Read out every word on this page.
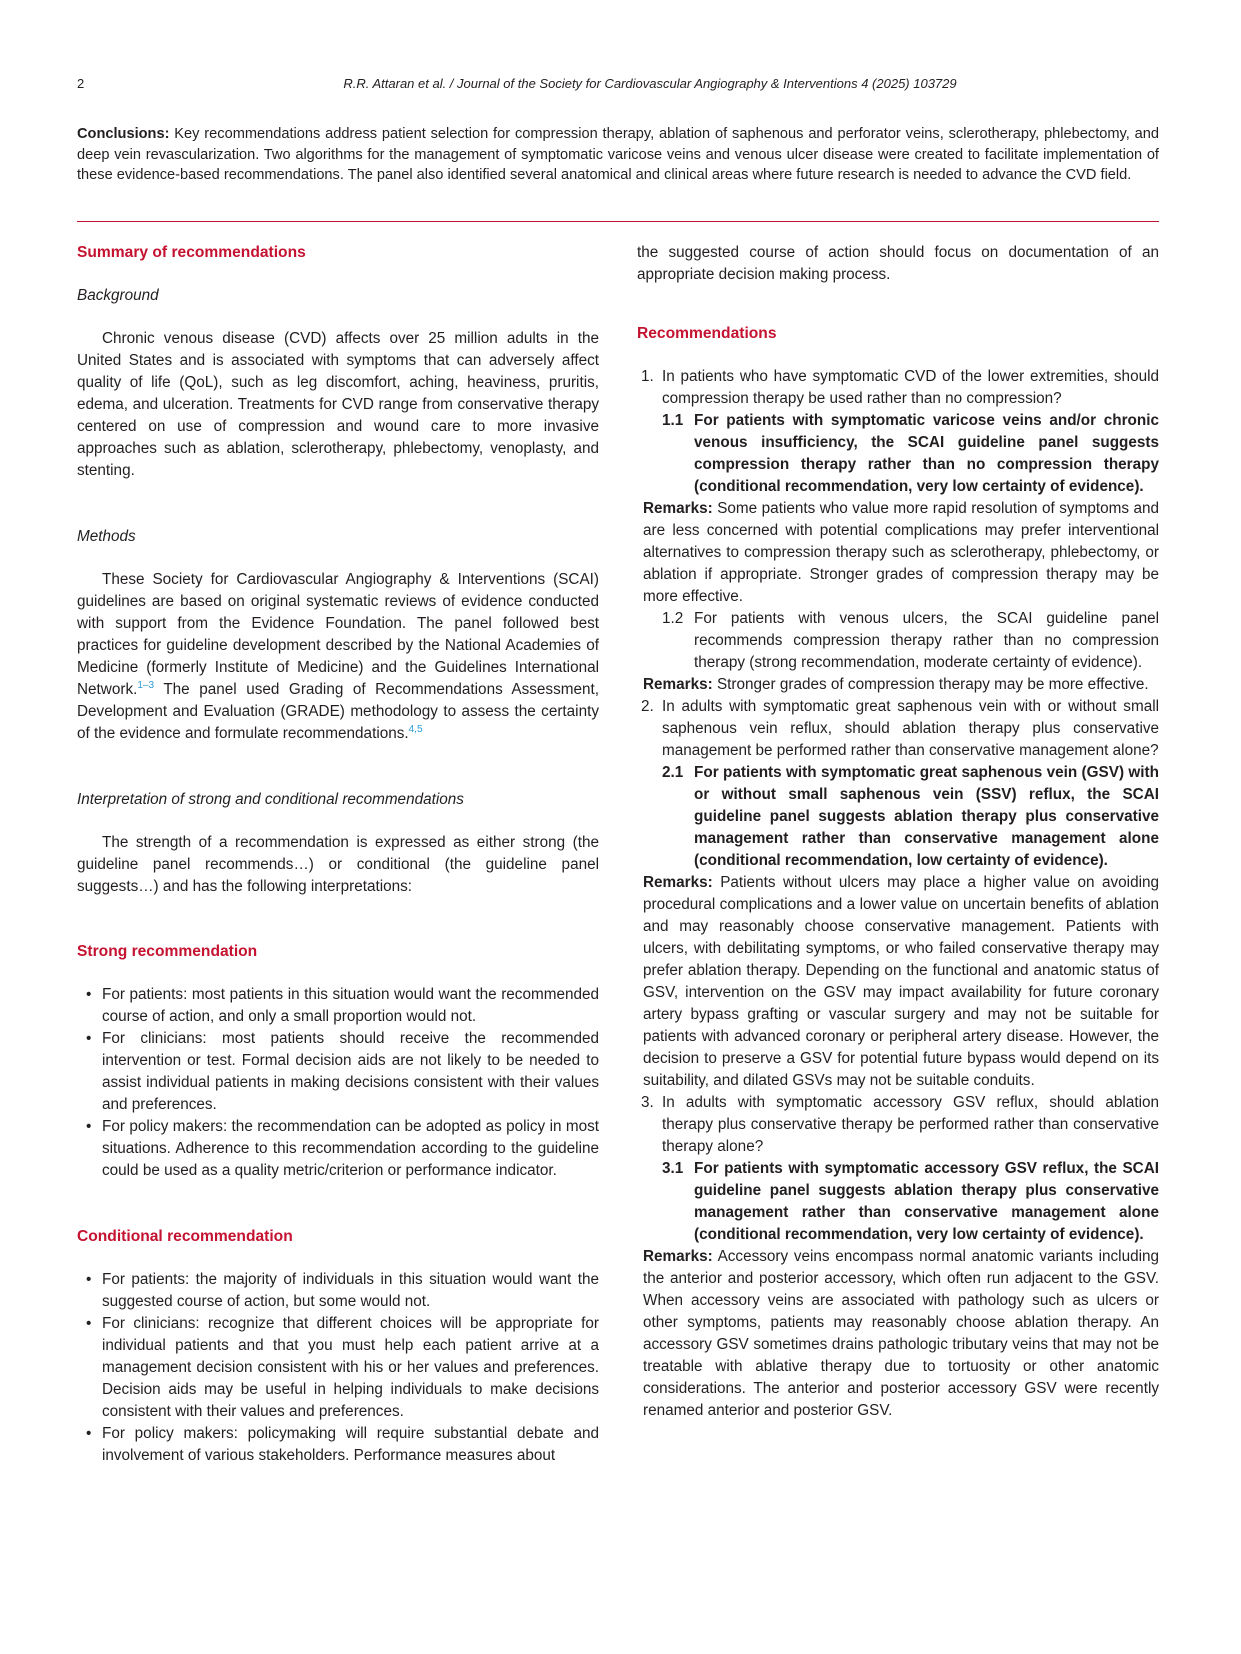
2	R.R. Attaran et al. / Journal of the Society for Cardiovascular Angiography & Interventions 4 (2025) 103729
Conclusions: Key recommendations address patient selection for compression therapy, ablation of saphenous and perforator veins, sclerotherapy, phlebectomy, and deep vein revascularization. Two algorithms for the management of symptomatic varicose veins and venous ulcer disease were created to facilitate implementation of these evidence-based recommendations. The panel also identified several anatomical and clinical areas where future research is needed to advance the CVD field.
Summary of recommendations

Background

Chronic venous disease (CVD) affects over 25 million adults in the United States and is associated with symptoms that can adversely affect quality of life (QoL), such as leg discomfort, aching, heaviness, pruritis, edema, and ulceration. Treatments for CVD range from conservative therapy centered on use of compression and wound care to more invasive approaches such as ablation, sclerotherapy, phlebectomy, venoplasty, and stenting.

Methods

These Society for Cardiovascular Angiography & Interventions (SCAI) guidelines are based on original systematic reviews of evidence conducted with support from the Evidence Foundation. The panel followed best practices for guideline development described by the National Academies of Medicine (formerly Institute of Medicine) and the Guidelines International Network.$^{1-3}$ The panel used Grading of Recommendations Assessment, Development and Evaluation (GRADE) methodology to assess the certainty of the evidence and formulate recommendations.$^{4,5}$

Interpretation of strong and conditional recommendations

The strength of a recommendation is expressed as either strong (the guideline panel recommends…) or conditional (the guideline panel suggests…) and has the following interpretations:

Strong recommendation
• For patients: most patients in this situation would want the recommended course of action, and only a small proportion would not.
• For clinicians: most patients should receive the recommended intervention or test. Formal decision aids are not likely to be needed to assist individual patients in making decisions consistent with their values and preferences.
• For policy makers: the recommendation can be adopted as policy in most situations. Adherence to this recommendation according to the guideline could be used as a quality metric/criterion or performance indicator.
Conditional recommendation
• For patients: the majority of individuals in this situation would want the suggested course of action, but some would not.
• For clinicians: recognize that different choices will be appropriate for individual patients and that you must help each patient arrive at a management decision consistent with his or her values and preferences. Decision aids may be useful in helping individuals to make decisions consistent with their values and preferences.
• For policy makers: policymaking will require substantial debate and involvement of various stakeholders. Performance measures about

the suggested course of action should focus on documentation of an appropriate decision making process.

Recommendations
1. In patients who have symptomatic CVD of the lower extremities, should compression therapy be used rather than no compression?
1.1 For patients with symptomatic varicose veins and/or chronic venous insufficiency, the SCAI guideline panel suggests compression therapy rather than no compression therapy (conditional recommendation, very low certainty of evidence).
Remarks: Some patients who value more rapid resolution of symptoms and are less concerned with potential complications may prefer interventional alternatives to compression therapy such as sclerotherapy, phlebectomy, or ablation if appropriate. Stronger grades of compression therapy may be more effective.
1.2 For patients with venous ulcers, the SCAI guideline panel recommends compression therapy rather than no compression therapy (strong recommendation, moderate certainty of evidence).
Remarks: Stronger grades of compression therapy may be more effective.
2. In adults with symptomatic great saphenous vein with or without small saphenous vein reflux, should ablation therapy plus conservative management be performed rather than conservative management alone?
2.1 For patients with symptomatic great saphenous vein (GSV) with or without small saphenous vein (SSV) reflux, the SCAI guideline panel suggests ablation therapy plus conservative management rather than conservative management alone (conditional recommendation, low certainty of evidence).
Remarks: Patients without ulcers may place a higher value on avoiding procedural complications and a lower value on uncertain benefits of ablation and may reasonably choose conservative management. Patients with ulcers, with debilitating symptoms, or who failed conservative therapy may prefer ablation therapy. Depending on the functional and anatomic status of GSV, intervention on the GSV may impact availability for future coronary artery bypass grafting or vascular surgery and may not be suitable for patients with advanced coronary or peripheral artery disease. However, the decision to preserve a GSV for potential future bypass would depend on its suitability, and dilated GSVs may not be suitable conduits.
3. In adults with symptomatic accessory GSV reflux, should ablation therapy plus conservative therapy be performed rather than conservative therapy alone?
3.1 For patients with symptomatic accessory GSV reflux, the SCAI guideline panel suggests ablation therapy plus conservative management rather than conservative management alone (conditional recommendation, very low certainty of evidence).
Remarks: Accessory veins encompass normal anatomic variants including the anterior and posterior accessory, which often run adjacent to the GSV. When accessory veins are associated with pathology such as ulcers or other symptoms, patients may reasonably choose ablation therapy. An accessory GSV sometimes drains pathologic tributary veins that may not be treatable with ablative therapy due to tortuosity or other anatomic considerations. The anterior and posterior accessory GSV were recently renamed anterior and posterior GSV.
